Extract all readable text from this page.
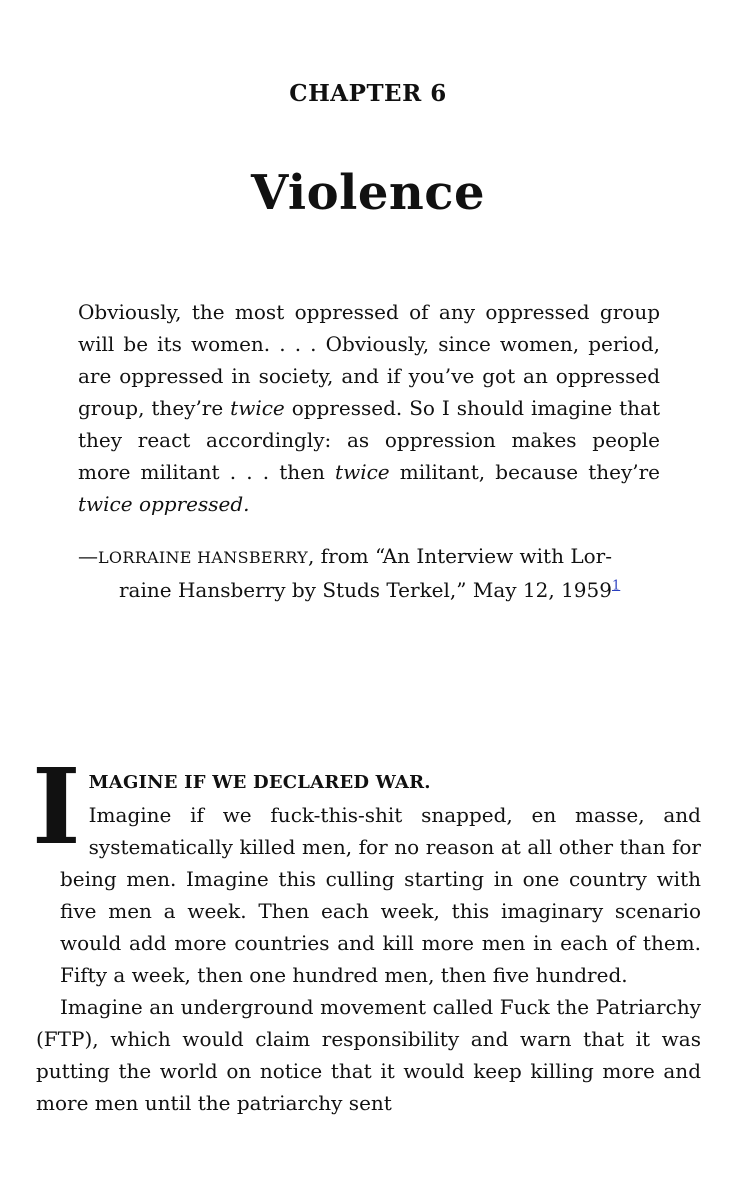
CHAPTER 6
Violence

Obviously, the most oppressed of any oppressed group will be its women. . . . Obviously, since women, period, are oppressed in society, and if you’ve got an oppressed group, they’re twice oppressed. So I should imagine that they react accordingly: as oppression makes people more militant . . . then twice militant, because they’re twice oppressed.

—LORRAINE HANSBERRY, from “An Interview with Lor-
raine Hansberry by Studs Terkel,” May 12, 1959$^1$
I MAGINE IF WE DECLARED WAR.
Imagine if we fuck-this-shit snapped, en masse, and systematically killed men, for no reason at all other than for being men. Imagine this culling starting in one country with five men a week. Then each week, this imaginary scenario would add more countries and kill more men in each of them. Fifty a week, then one hundred men, then five hundred.

Imagine an underground movement called Fuck the Patriarchy (FTP), which would claim responsibility and warn that it was putting the world on notice that it would keep killing more and more men until the patriarchy sent
